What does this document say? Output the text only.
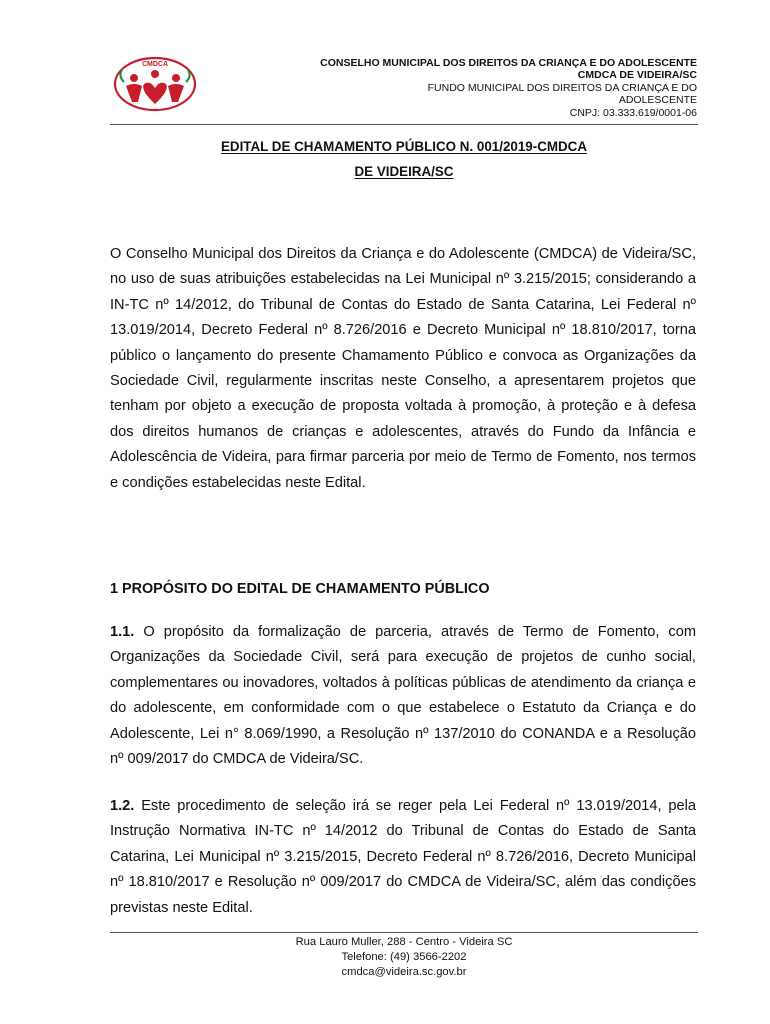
CMDCA	CONSELHO MUNICIPAL DOS DIREITOS DA CRIANÇA E DO ADOLESCENTE
CMDCA DE VIDEIRA/SC
FUNDO MUNICIPAL DOS DIREITOS DA CRIANÇA E DO
ADOLESCENTE
CNPJ: 03.333.619/0001-06
EDITAL DE CHAMAMENTO PÚBLICO N. 001/2019-CMDCA
DE VIDEIRA/SC
O Conselho Municipal dos Direitos da Criança e do Adolescente (CMDCA) de Videira/SC, no uso de suas atribuições estabelecidas na Lei Municipal nº 3.215/2015; considerando a IN-TC nº 14/2012, do Tribunal de Contas do Estado de Santa Catarina, Lei Federal nº 13.019/2014, Decreto Federal nº 8.726/2016 e Decreto Municipal nº 18.810/2017, torna público o lançamento do presente Chamamento Público e convoca as Organizações da Sociedade Civil, regularmente inscritas neste Conselho, a apresentarem projetos que tenham por objeto a execução de proposta voltada à promoção, à proteção e à defesa dos direitos humanos de crianças e adolescentes, através do Fundo da Infância e Adolescência de Videira, para firmar parceria por meio de Termo de Fomento, nos termos e condições estabelecidas neste Edital.
1 PROPÓSITO DO EDITAL DE CHAMAMENTO PÚBLICO
1.1. O propósito da formalização de parceria, através de Termo de Fomento, com Organizações da Sociedade Civil, será para execução de projetos de cunho social, complementares ou inovadores, voltados à políticas públicas de atendimento da criança e do adolescente, em conformidade com o que estabelece o Estatuto da Criança e do Adolescente, Lei n° 8.069/1990, a Resolução nº 137/2010 do CONANDA e a Resolução nº 009/2017 do CMDCA de Videira/SC.
1.2. Este procedimento de seleção irá se reger pela Lei Federal nº 13.019/2014, pela Instrução Normativa IN-TC nº 14/2012 do Tribunal de Contas do Estado de Santa Catarina, Lei Municipal nº 3.215/2015, Decreto Federal nº 8.726/2016, Decreto Municipal nº 18.810/2017 e Resolução nº 009/2017 do CMDCA de Videira/SC, além das condições previstas neste Edital.
Rua Lauro Muller, 288 - Centro - Videira SC
Telefone: (49) 3566-2202
cmdca@videira.sc.gov.br
